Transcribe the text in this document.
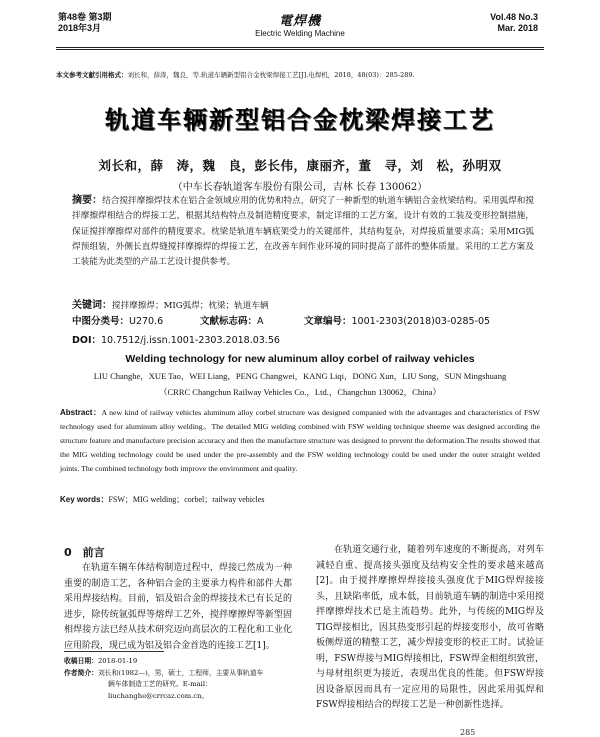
第48卷 第3期
2018年3月	電焊機
Electric Welding Machine
Vol.48 No.3
Mar. 2018
本文参考文献引用格式：刘长和，薛涛，魏良，等.轨道车辆新型铝合金枕梁焊接工艺[J].电焊机，2018，48(03)：285-289.
轨道车辆新型铝合金枕梁焊接工艺
刘长和，薛　涛，魏　良，彭长伟，康丽齐，董　寻，刘　松，孙明双
（中车长春轨道客车股份有限公司，吉林 长春 130062）
摘要：结合搅拌摩擦焊技术在铝合金领域应用的优势和特点，研究了一种新型的轨道车辆铝合金枕梁结构。采用弧焊和搅拌摩擦焊相结合的焊接工艺，根据其结构特点及制造精度要求，制定详细的工艺方案，设计有效的工装及变形控制措施，保证搅拌摩擦焊对部件的精度要求。枕梁是轨道车辆底架受力的关键部件，其结构复杂，对焊接质量要求高；采用MIG弧焊预组装，外侧长直焊缝搅拌摩擦焊的焊接工艺，在改善车间作业环境的同时提高了部件的整体质量。采用的工艺方案及工装能为此类型的产品工艺设计提供参考。
关键词：搅拌摩擦焊；MIG弧焊；枕梁；轨道车辆
中图分类号：U270.6	文献标志码：A	文章编号：1001-2303(2018)03-0285-05
DOI：10.7512/j.issn.1001-2303.2018.03.56
Welding technology for new aluminum alloy corbel of railway vehicles
LIU Changhe，XUE Tao，WEI Liang，PENG Changwei，KANG Liqi，DONG Xun，LIU Song，SUN Mingshuang
（CRRC Changchun Railway Vehicles Co.，Ltd.，Changchun 130062，China）
Abstract：A new kind of railway vehicles aluminum alloy corbel structure was designed companied with the advantages and characteristics of FSW technology used for aluminum alloy welding。The detailed MIG welding combined with FSW welding technique sheeme was designed according the structure feature and manufacture precision accuracy and then the manufacture structure was designed to prevent the deformation.The results showed that the MIG welding technology could be used under the pre-assembly and the FSW welding technology could be used under the outer straight welded joints. The combined technology both improve the environment and quality.
Key words：FSW；MIG welding；corbel；railway vehicles
0　前言
在轨道车辆车体结构制造过程中，焊接已然成为一种重要的制造工艺，各种铝合金的主要承力构件和部件大都采用焊接结构。目前，铝及铝合金的焊接技术已有长足的进步，除传统氩弧焊等熔焊工艺外，搅拌摩擦焊等新型固相焊接方法已经从技术研究迈向高层次的工程化和工业化应用阶段，现已成为铝及铝合金首选的连接工艺[1]。
在轨道交通行业，随着列车速度的不断提高，对列车减轻自重、提高接头强度及结构安全性的要求越来越高[2]。由于搅拌摩擦焊焊接接头强度优于MIG焊焊接接头，且缺陷率低，成本低，目前轨道车辆的制造中采用搅拌摩擦焊技术已是主流趋势。此外，与传统的MIG焊及TIG焊接相比，因其热变形引起的焊接变形小，故可省略板侧焊道的精整工艺，减少焊接变形的校正工时。试验证明，FSW焊接与MIG焊接相比，FSW焊金相组织致密，与母材组织更为接近，表现出优良的性能。但FSW焊接因设备原因而具有一定应用的局限性，因此采用弧焊和FSW焊接相结合的焊接工艺是一种创新性选择。
收稿日期：2018-01-19
作者简介：刘长和(1982—)，男，硕士，工程师，主要从事轨道车
辆车体制造工艺的研究。E-mail：liuchanghe@crrcaz.com.cn。
285
